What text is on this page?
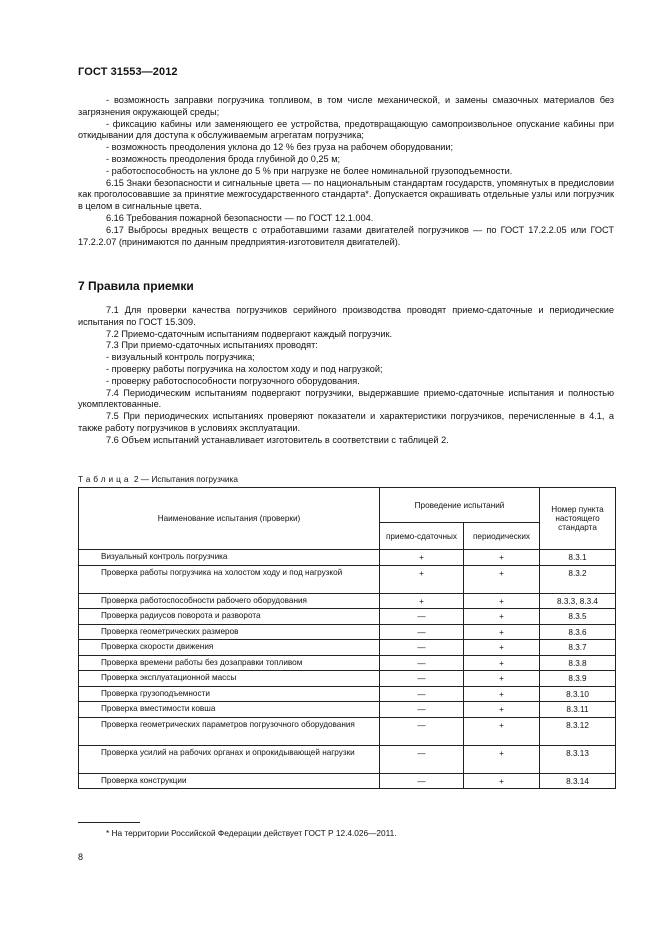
ГОСТ 31553—2012

- возможность заправки погрузчика топливом, в том числе механической, и замены смазочных материалов без загрязнения окружающей среды;

- фиксацию кабины или заменяющего ее устройства, предотвращающую самопроизвольное опускание кабины при откидывании для доступа к обслуживаемым агрегатам погрузчика;

- возможность преодоления уклона до 12 % без груза на рабочем оборудовании;

- возможность преодоления брода глубиной до 0,25 м;

- работоспособность на уклоне до 5 % при нагрузке не более номинальной грузоподъемности.

6.15 Знаки безопасности и сигнальные цвета — по национальным стандартам государств, упомянутых в предисловии как проголосовавшие за принятие межгосударственного стандарта*. Допускается окрашивать отдельные узлы или погрузчик в целом в сигнальные цвета.

6.16 Требования пожарной безопасности — по ГОСТ 12.1.004.

6.17 Выбросы вредных веществ с отработавшими газами двигателей погрузчиков — по ГОСТ 17.2.2.05 или ГОСТ 17.2.2.07 (принимаются по данным предприятия-изготовителя двигателей).

7 Правила приемки

7.1 Для проверки качества погрузчиков серийного производства проводят приемо-сдаточные и периодические испытания по ГОСТ 15.309.

7.2 Приемо-сдаточным испытаниям подвергают каждый погрузчик.

7.3 При приемо-сдаточных испытаниях проводят:

- визуальный контроль погрузчика;

- проверку работы погрузчика на холостом ходу и под нагрузкой;

- проверку работоспособности погрузочного оборудования.

7.4 Периодическим испытаниям подвергают погрузчики, выдержавшие приемо-сдаточные испытания и полностью укомплектованные.

7.5 При периодических испытаниях проверяют показатели и характеристики погрузчиков, перечисленные в 4.1, а также работу погрузчиков в условиях эксплуатации.

7.6 Объем испытаний устанавливает изготовитель в соответствии с таблицей 2.

Таблица 2 — Испытания погрузчика
Наименование испытания (проверки)	Проведение испытаний		Номер пункта настоящего стандарта
	приемо-сдаточных	периодических	
Визуальный контроль погрузчика	+	+	8.3.1
Проверка работы погрузчика на холостом ходу и под нагрузкой	+	+	8.3.2
Проверка работоспособности рабочего оборудования	+	+	8.3.3, 8.3.4
Проверка радиусов поворота и разворота	—	+	8.3.5
Проверка геометрических размеров	—	+	8.3.6
Проверка скорости движения	—	+	8.3.7
Проверка времени работы без дозаправки топливом	—	+	8.3.8
Проверка эксплуатационной массы	—	+	8.3.9
Проверка грузоподъемности	—	+	8.3.10
Проверка вместимости ковша	—	+	8.3.11
Проверка геометрических параметров погрузочного оборудования	—	+	8.3.12
Проверка усилий на рабочих органах и опрокидывающей нагрузки	—	+	8.3.13
Проверка конструкции	—	+	8.3.14
* На территории Российской Федерации действует ГОСТ Р 12.4.026—2011.
8
